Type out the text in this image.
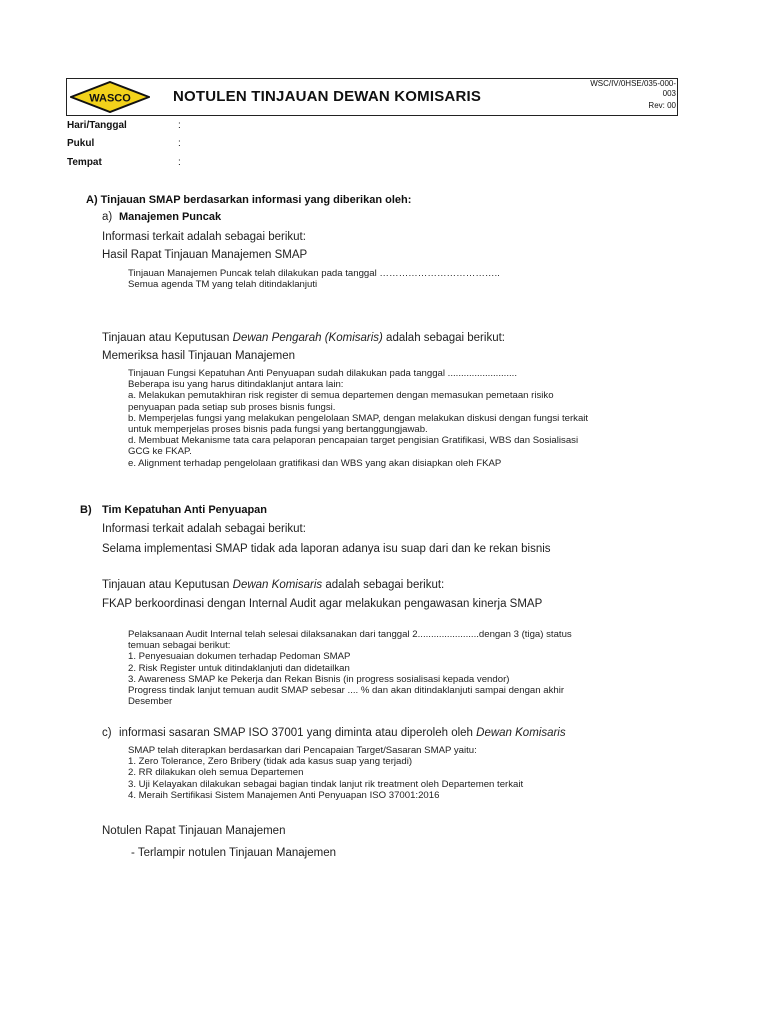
WASCO	NOTULEN TINJAUAN DEWAN KOMISARIS
WSC/IV/0HSE/035-000-003
Rev: 00
Hari/Tanggal	:
Pukul	:
Tempat	:
A) Tinjauan SMAP berdasarkan informasi yang diberikan oleh:
a) Manajemen Puncak
Informasi terkait adalah sebagai berikut:
Hasil Rapat Tinjauan Manajemen SMAP
Tinjauan Manajemen Puncak telah dilakukan pada tanggal ………………………………..
Semua agenda TM yang telah ditindaklanjuti
Tinjauan atau Keputusan Dewan Pengarah (Komisaris) adalah sebagai berikut:
Memeriksa hasil Tinjauan Manajemen
Tinjauan Fungsi Kepatuhan Anti Penyuapan sudah dilakukan pada tanggal ..........................
Beberapa isu yang harus ditindaklanjut antara lain:
a. Melakukan pemutakhiran risk register di semua departemen dengan memasukan pemetaan risiko
penyuapan pada setiap sub proses bisnis fungsi.
b. Memperjelas fungsi yang melakukan pengelolaan SMAP, dengan melakukan diskusi dengan fungsi terkait
untuk memperjelas proses bisnis pada fungsi yang bertanggungjawab.
d. Membuat Mekanisme tata cara pelaporan pencapaian target pengisian Gratifikasi, WBS dan Sosialisasi
GCG ke FKAP.
e. Alignment terhadap pengelolaan gratifikasi dan WBS yang akan disiapkan oleh FKAP
B) Tim Kepatuhan Anti Penyuapan
Informasi terkait adalah sebagai berikut:
Selama implementasi SMAP tidak ada laporan adanya isu suap dari dan ke rekan bisnis
Tinjauan atau Keputusan Dewan Komisaris adalah sebagai berikut:
FKAP berkoordinasi dengan Internal Audit agar melakukan pengawasan kinerja SMAP
Pelaksanaan Audit Internal telah selesai dilaksanakan dari tanggal 2.......................dengan 3 (tiga) status
temuan sebagai berikut:
1. Penyesuaian dokumen terhadap Pedoman SMAP
2. Risk Register untuk ditindaklanjuti dan didetailkan
3. Awareness SMAP ke Pekerja dan Rekan Bisnis (in progress sosialisasi kepada vendor)
Progress tindak lanjut temuan audit SMAP sebesar .... % dan akan ditindaklanjuti sampai dengan akhir
Desember
c) informasi sasaran SMAP ISO 37001 yang diminta atau diperoleh oleh Dewan Komisaris
SMAP telah diterapkan berdasarkan dari Pencapaian Target/Sasaran SMAP yaitu:
1. Zero Tolerance, Zero Bribery (tidak ada kasus suap yang terjadi)
2. RR dilakukan oleh semua Departemen
3. Uji Kelayakan dilakukan sebagai bagian tindak lanjut rik treatment oleh Departemen terkait
4. Meraih Sertifikasi Sistem Manajemen Anti Penyuapan ISO 37001:2016
Notulen Rapat Tinjauan Manajemen
- Terlampir notulen Tinjauan Manajemen
